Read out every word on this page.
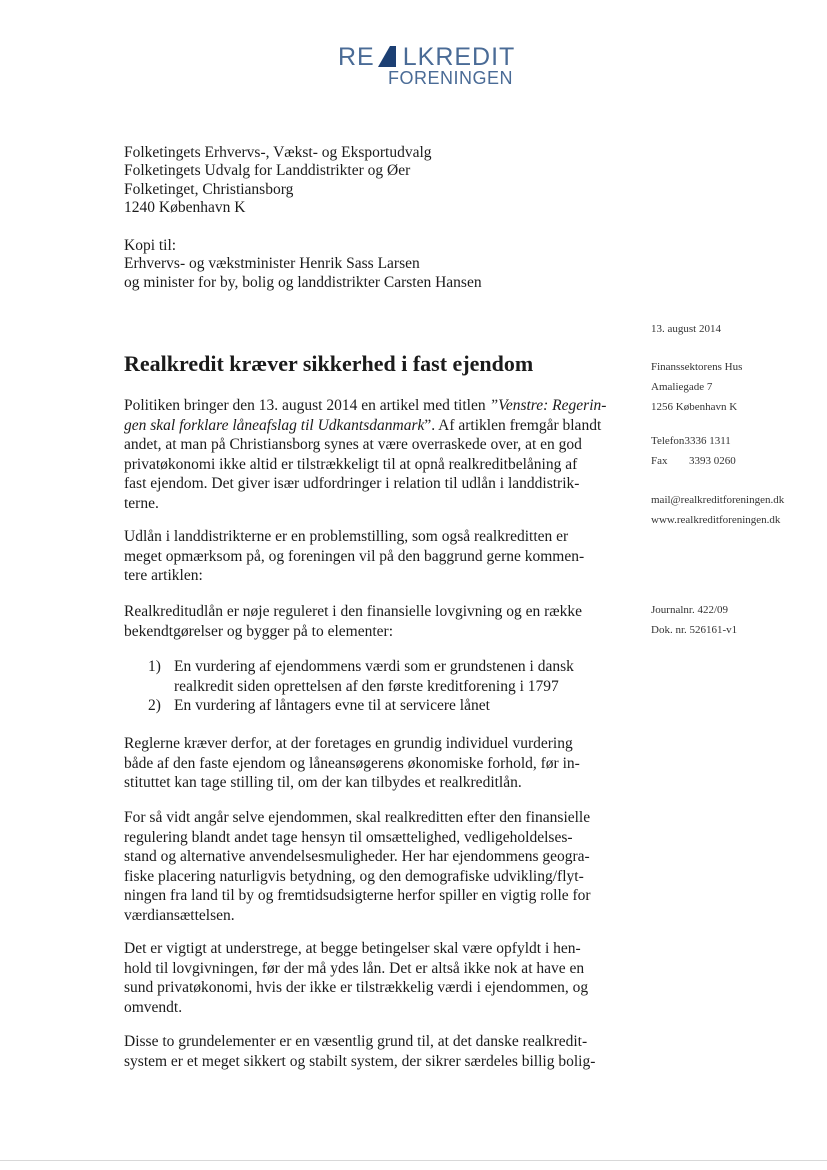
RE LKREDIT
FORENINGEN
Folketingets Erhvervs-, Vækst- og Eksportudvalg
Folketingets Udvalg for Landdistrikter og Øer
Folketinget, Christiansborg
1240 København K
Kopi til:
Erhvervs- og vækstminister Henrik Sass Larsen
og minister for by, bolig og landdistrikter Carsten Hansen
13. august 2014
Finanssektorens Hus
Amaliegade 7
1256 København K
Telefon3336 1311
Fax 3393 0260
mail@realkreditforeningen.dk
www.realkreditforeningen.dk
Journalnr. 422/09
Dok. nr. 526161-v1
Realkredit kræver sikkerhed i fast ejendom
Politiken bringer den 13. august 2014 en artikel med titlen ”Venstre: Regerin-
gen skal forklare låneafslag til Udkantsdanmark”. Af artiklen fremgår blandt
andet, at man på Christiansborg synes at være overraskede over, at en god
privatøkonomi ikke altid er tilstrækkeligt til at opnå realkreditbelåning af
fast ejendom. Det giver især udfordringer i relation til udlån i landdistrik-
terne.
Udlån i landdistrikterne er en problemstilling, som også realkreditten er
meget opmærksom på, og foreningen vil på den baggrund gerne kommen-
tere artiklen:
Realkreditudlån er nøje reguleret i den finansielle lovgivning og en række
bekendtgørelser og bygger på to elementer:
1) En vurdering af ejendommens værdi som er grundstenen i dansk
realkredit siden oprettelsen af den første kreditforening i 1797
2) En vurdering af låntagers evne til at servicere lånet
Reglerne kræver derfor, at der foretages en grundig individuel vurdering
både af den faste ejendom og låneansøgerens økonomiske forhold, før in-
stituttet kan tage stilling til, om der kan tilbydes et realkreditlån.
For så vidt angår selve ejendommen, skal realkreditten efter den finansielle
regulering blandt andet tage hensyn til omsættelighed, vedligeholdelses-
stand og alternative anvendelsesmuligheder. Her har ejendommens geogra-
fiske placering naturligvis betydning, og den demografiske udvikling/flyt-
ningen fra land til by og fremtidsudsigterne herfor spiller en vigtig rolle for
værdiansættelsen.
Det er vigtigt at understrege, at begge betingelser skal være opfyldt i hen-
hold til lovgivningen, før der må ydes lån. Det er altså ikke nok at have en
sund privatøkonomi, hvis der ikke er tilstrækkelig værdi i ejendommen, og
omvendt.
Disse to grundelementer er en væsentlig grund til, at det danske realkredit-
system er et meget sikkert og stabilt system, der sikrer særdeles billig bolig-
